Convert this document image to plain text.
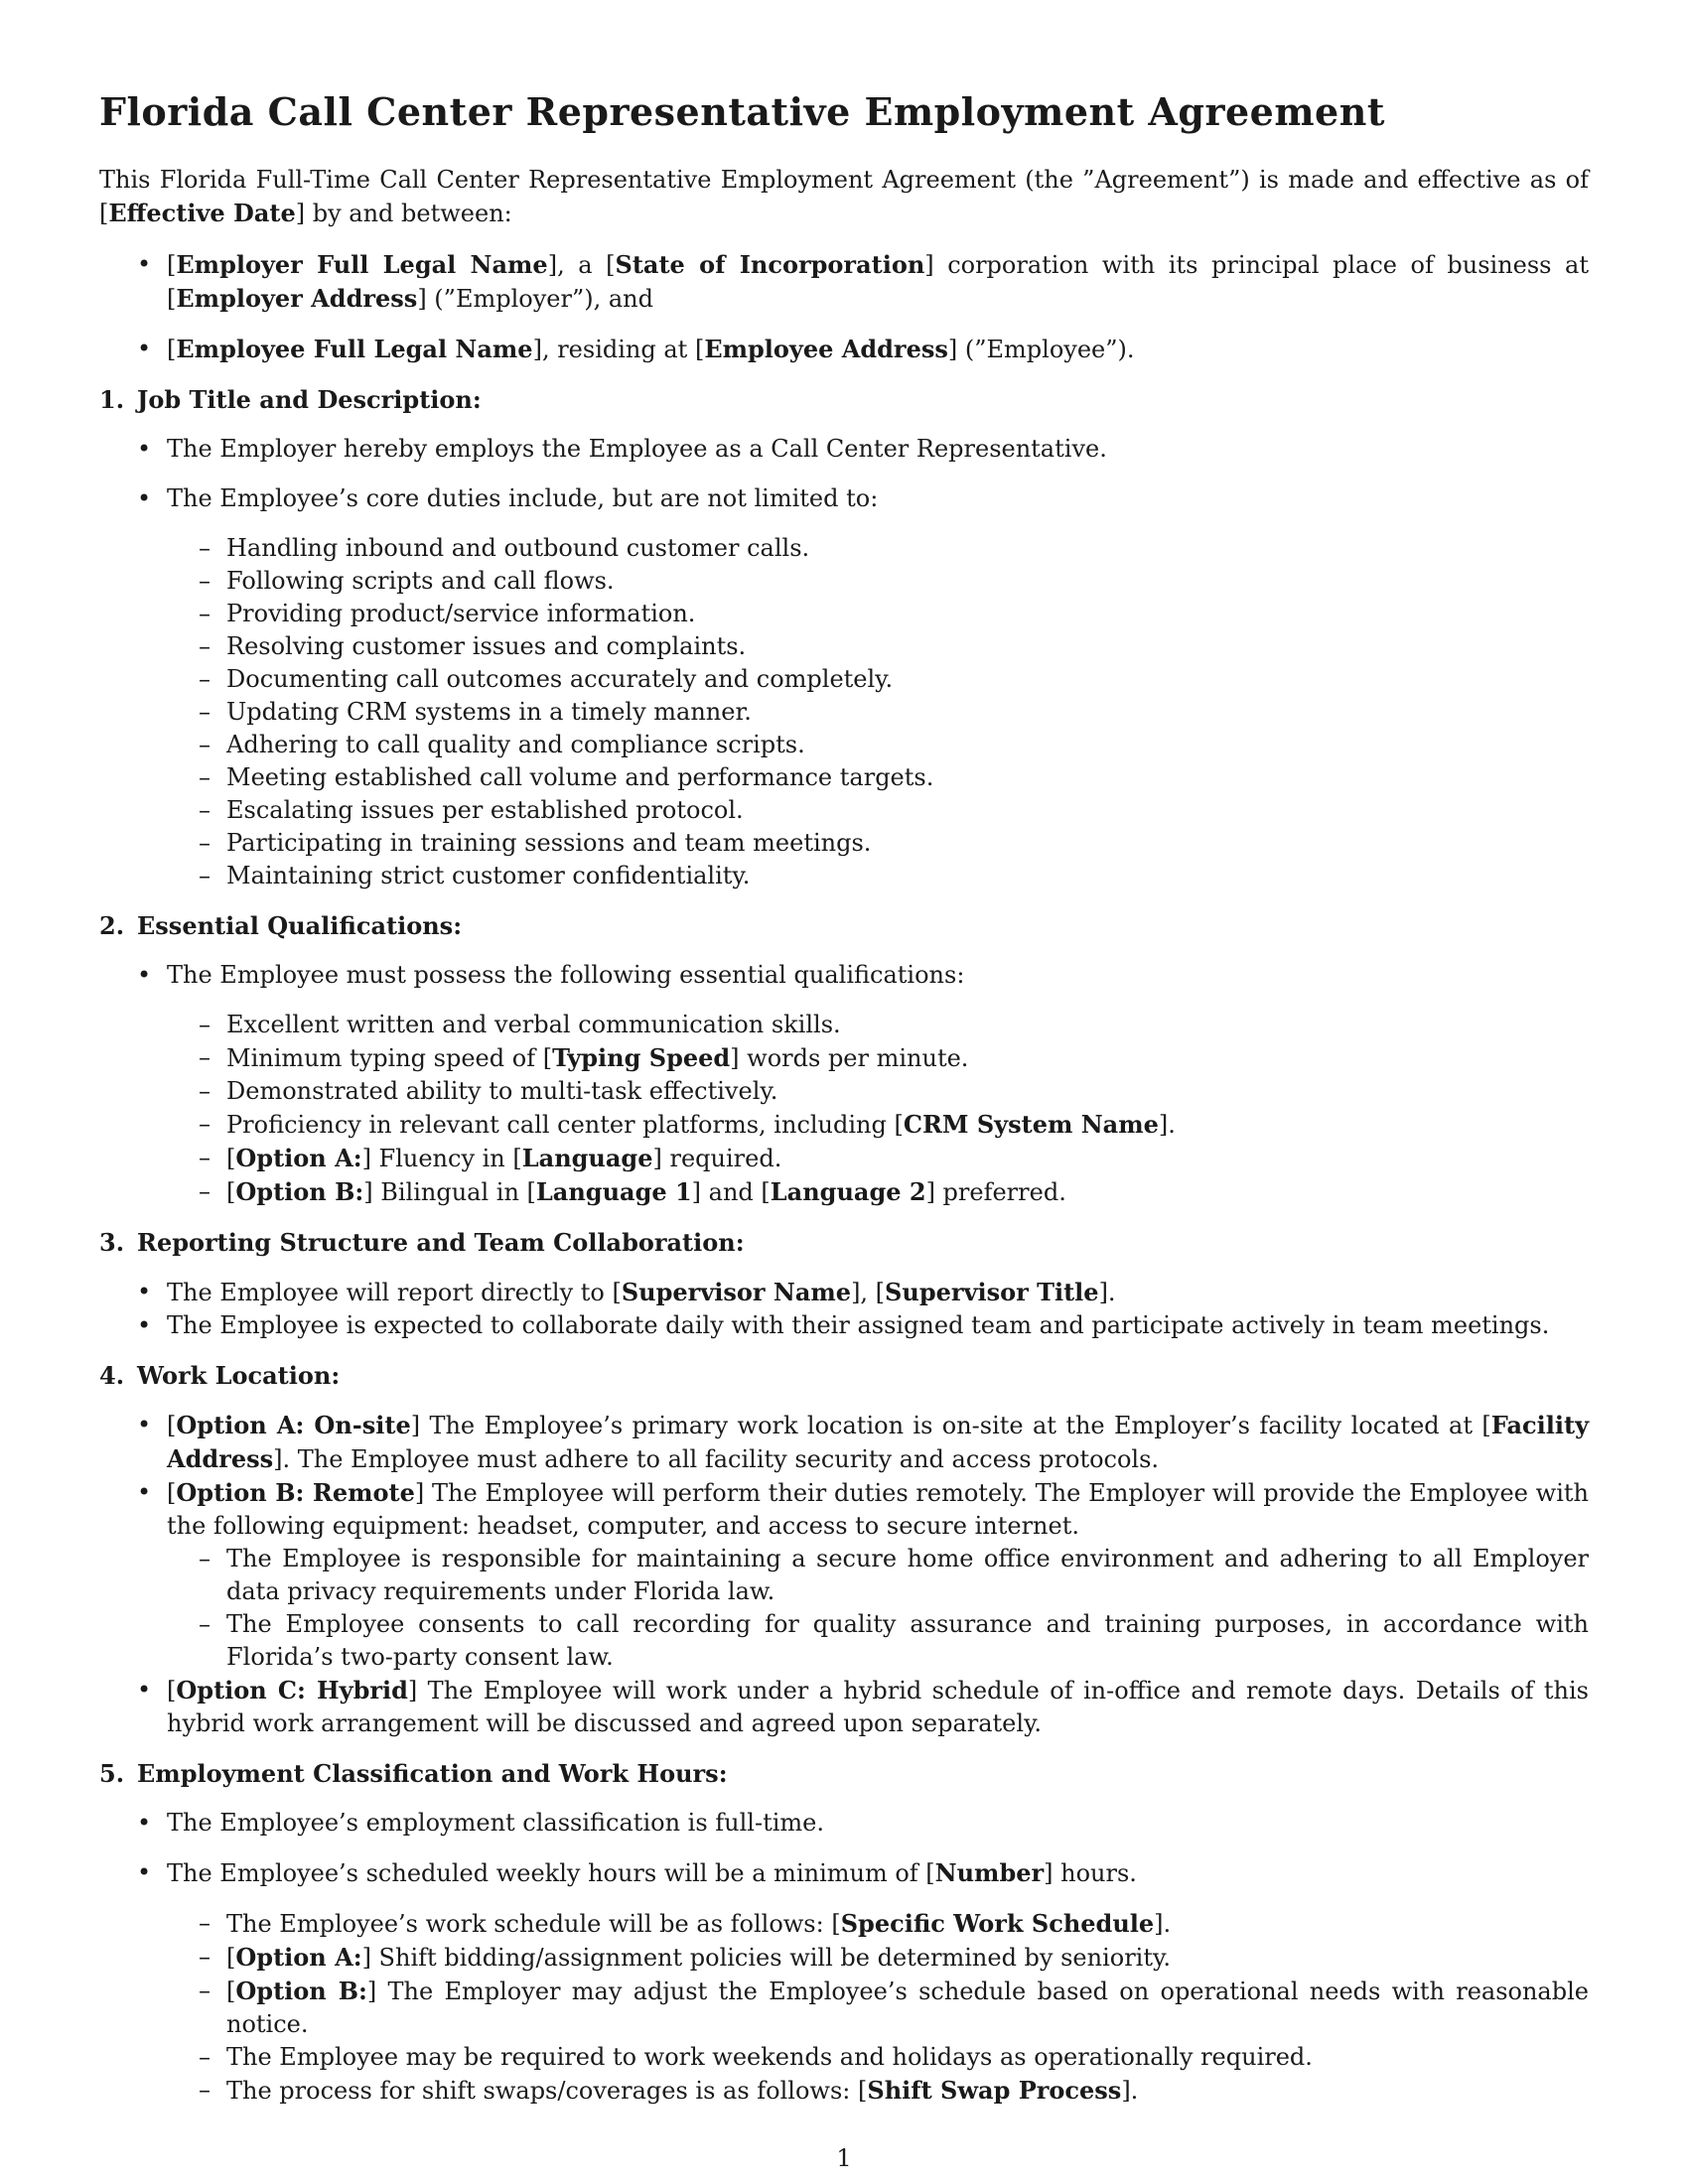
Florida Call Center Representative Employment Agreement

This Florida Full-Time Call Center Representative Employment Agreement (the ”Agreement”) is made and effective as of [Effective Date] by and between:

• [Employer Full Legal Name], a [State of Incorporation] corporation with its principal place of business at [Employer Address] (”Employer”), and
• [Employee Full Legal Name], residing at [Employee Address] (”Employee”).
1. Job Title and Description:
• The Employer hereby employs the Employee as a Call Center Representative.
• The Employee’s core duties include, but are not limited to:
– Handling inbound and outbound customer calls.
– Following scripts and call flows.
– Providing product/service information.
– Resolving customer issues and complaints.
– Documenting call outcomes accurately and completely.
– Updating CRM systems in a timely manner.
– Adhering to call quality and compliance scripts.
– Meeting established call volume and performance targets.
– Escalating issues per established protocol.
– Participating in training sessions and team meetings.
– Maintaining strict customer confidentiality.
2. Essential Qualifications:
• The Employee must possess the following essential qualifications:
– Excellent written and verbal communication skills.
– Minimum typing speed of [Typing Speed] words per minute.
– Demonstrated ability to multi-task effectively.
– Proficiency in relevant call center platforms, including [CRM System Name].
– [Option A:] Fluency in [Language] required.
– [Option B:] Bilingual in [Language 1] and [Language 2] preferred.
3. Reporting Structure and Team Collaboration:
• The Employee will report directly to [Supervisor Name], [Supervisor Title].
• The Employee is expected to collaborate daily with their assigned team and participate actively in team meetings.
4. Work Location:
• [Option A: On-site] The Employee’s primary work location is on-site at the Employer’s facility located at [Facility Address]. The Employee must adhere to all facility security and access protocols.
• [Option B: Remote] The Employee will perform their duties remotely. The Employer will provide the Employee with the following equipment: headset, computer, and access to secure internet.
– The Employee is responsible for maintaining a secure home office environment and adhering to all Employer data privacy requirements under Florida law.
– The Employee consents to call recording for quality assurance and training purposes, in accordance with Florida’s two-party consent law.
• [Option C: Hybrid] The Employee will work under a hybrid schedule of in-office and remote days. Details of this hybrid work arrangement will be discussed and agreed upon separately.
5. Employment Classification and Work Hours:
• The Employee’s employment classification is full-time.
• The Employee’s scheduled weekly hours will be a minimum of [Number] hours.
– The Employee’s work schedule will be as follows: [Specific Work Schedule].
– [Option A:] Shift bidding/assignment policies will be determined by seniority.
– [Option B:] The Employer may adjust the Employee’s schedule based on operational needs with reasonable notice.
– The Employee may be required to work weekends and holidays as operationally required.
– The process for shift swaps/coverages is as follows: [Shift Swap Process].
1
